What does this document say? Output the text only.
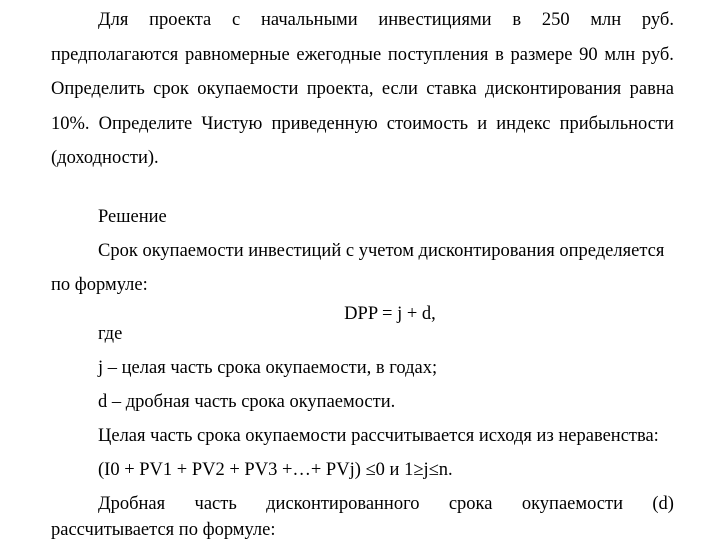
Для проекта с начальными инвестициями в 250 млн руб.
предполагаются равномерные ежегодные поступления в размере 90 млн руб.
Определить срок окупаемости проекта, если ставка дисконтирования равна
10%. Определите Чистую приведенную стоимость и индекс прибыльности
(доходности).
Решение
Срок окупаемости инвестиций с учетом дисконтирования определяется
по формуле:
DPP = j + d,
где
j – целая часть срока окупаемости, в годах;
d – дробная часть срока окупаемости.
Целая часть срока окупаемости рассчитывается исходя из неравенства:
(I0 + PV1 + PV2 + PV3 +…+ PVj) ≤0 и 1≥j≤n.
Дробная часть дисконтированного срока окупаемости (d)
рассчитывается по формуле:
